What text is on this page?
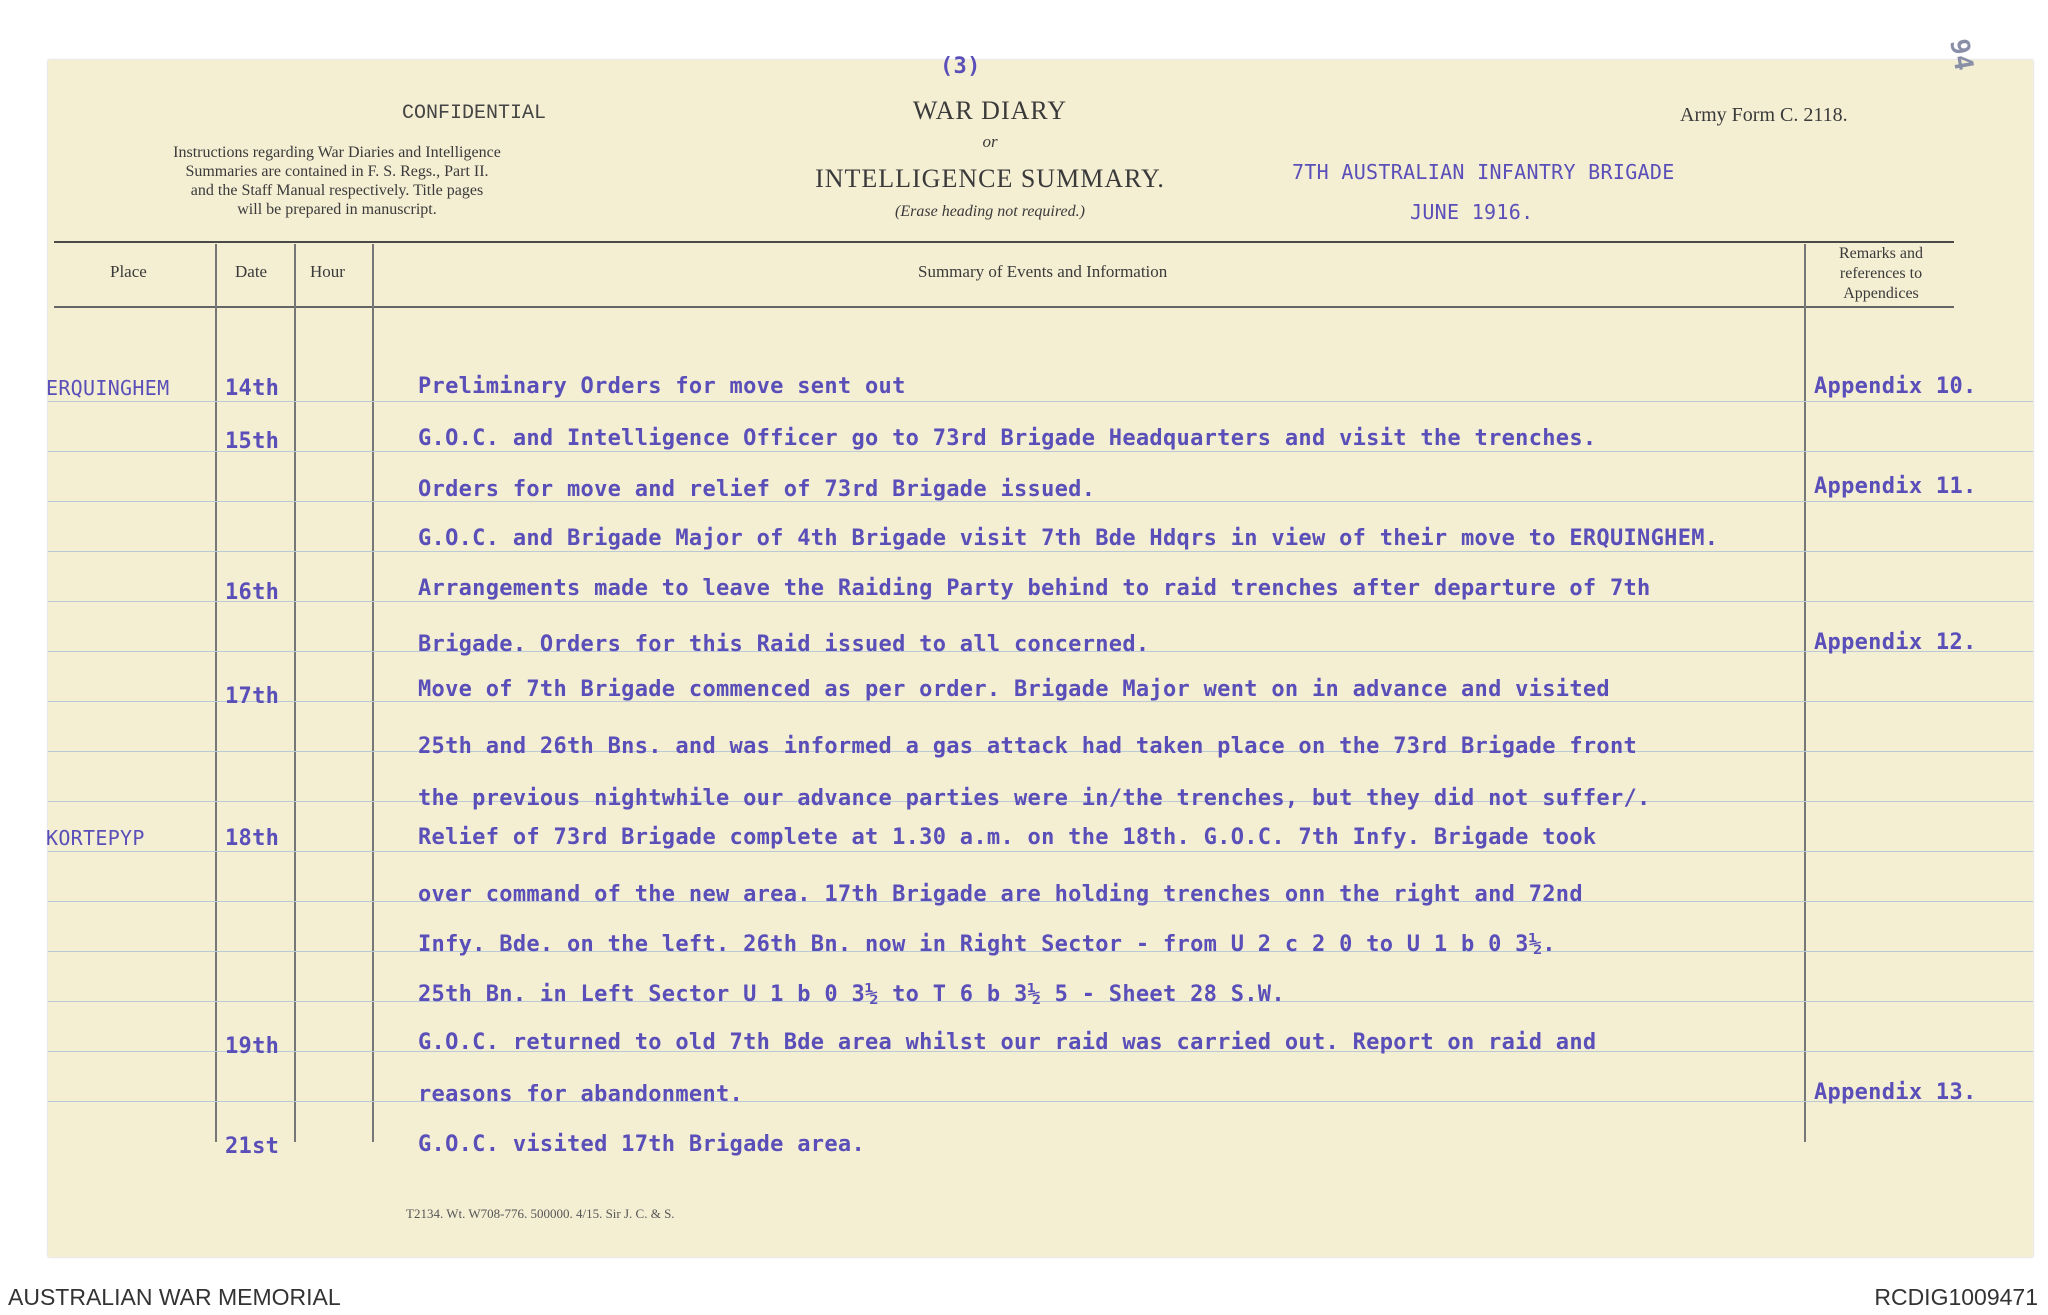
(3)	94
CONFIDENTIAL
Instructions regarding War Diaries and Intelligence
Summaries are contained in F. S. Regs., Part II.
and the Staff Manual respectively. Title pages
will be prepared in manuscript.
WAR DIARY
or
INTELLIGENCE SUMMARY.
(Erase heading not required.)
7TH AUSTRALIAN INFANTRY BRIGADE
JUNE 1916.
Army Form C. 2118.
Place	Date	Hour	Summary of Events and Information
Remarks and
references to
Appendices
ERQUINGHEM	14th	Preliminary Orders for move sent out	Appendix 10.
15th	G.O.C. and Intelligence Officer go to 73rd Brigade Headquarters and visit the trenches.
Orders for move and relief of 73rd Brigade issued.	Appendix 11.
G.O.C. and Brigade Major of 4th Brigade visit 7th Bde Hdqrs in view of their move to ERQUINGHEM.
16th	Arrangements made to leave the Raiding Party behind to raid trenches after departure of 7th
Brigade. Orders for this Raid issued to all concerned.	Appendix 12.
17th	Move of 7th Brigade commenced as per order. Brigade Major went on in advance and visited
25th and 26th Bns. and was informed a gas attack had taken place on the 73rd Brigade front
the previous nightwhile our advance parties were in/the trenches, but they did not suffer/.
KORTEPYP	18th	Relief of 73rd Brigade complete at 1.30 a.m. on the 18th. G.O.C. 7th Infy. Brigade took
over command of the new area. 17th Brigade are holding trenches onn the right and 72nd
Infy. Bde. on the left. 26th Bn. now in Right Sector - from U 2 c 2 0 to U 1 b 0 3½.
25th Bn. in Left Sector U 1 b 0 3½ to T 6 b 3½ 5 - Sheet 28 S.W.
19th	G.O.C. returned to old 7th Bde area whilst our raid was carried out. Report on raid and
reasons for abandonment.	Appendix 13.
21st	G.O.C. visited 17th Brigade area.
T2134. Wt. W708-776. 500000. 4/15. Sir J. C. & S.
AUSTRALIAN WAR MEMORIAL	RCDIG1009471
